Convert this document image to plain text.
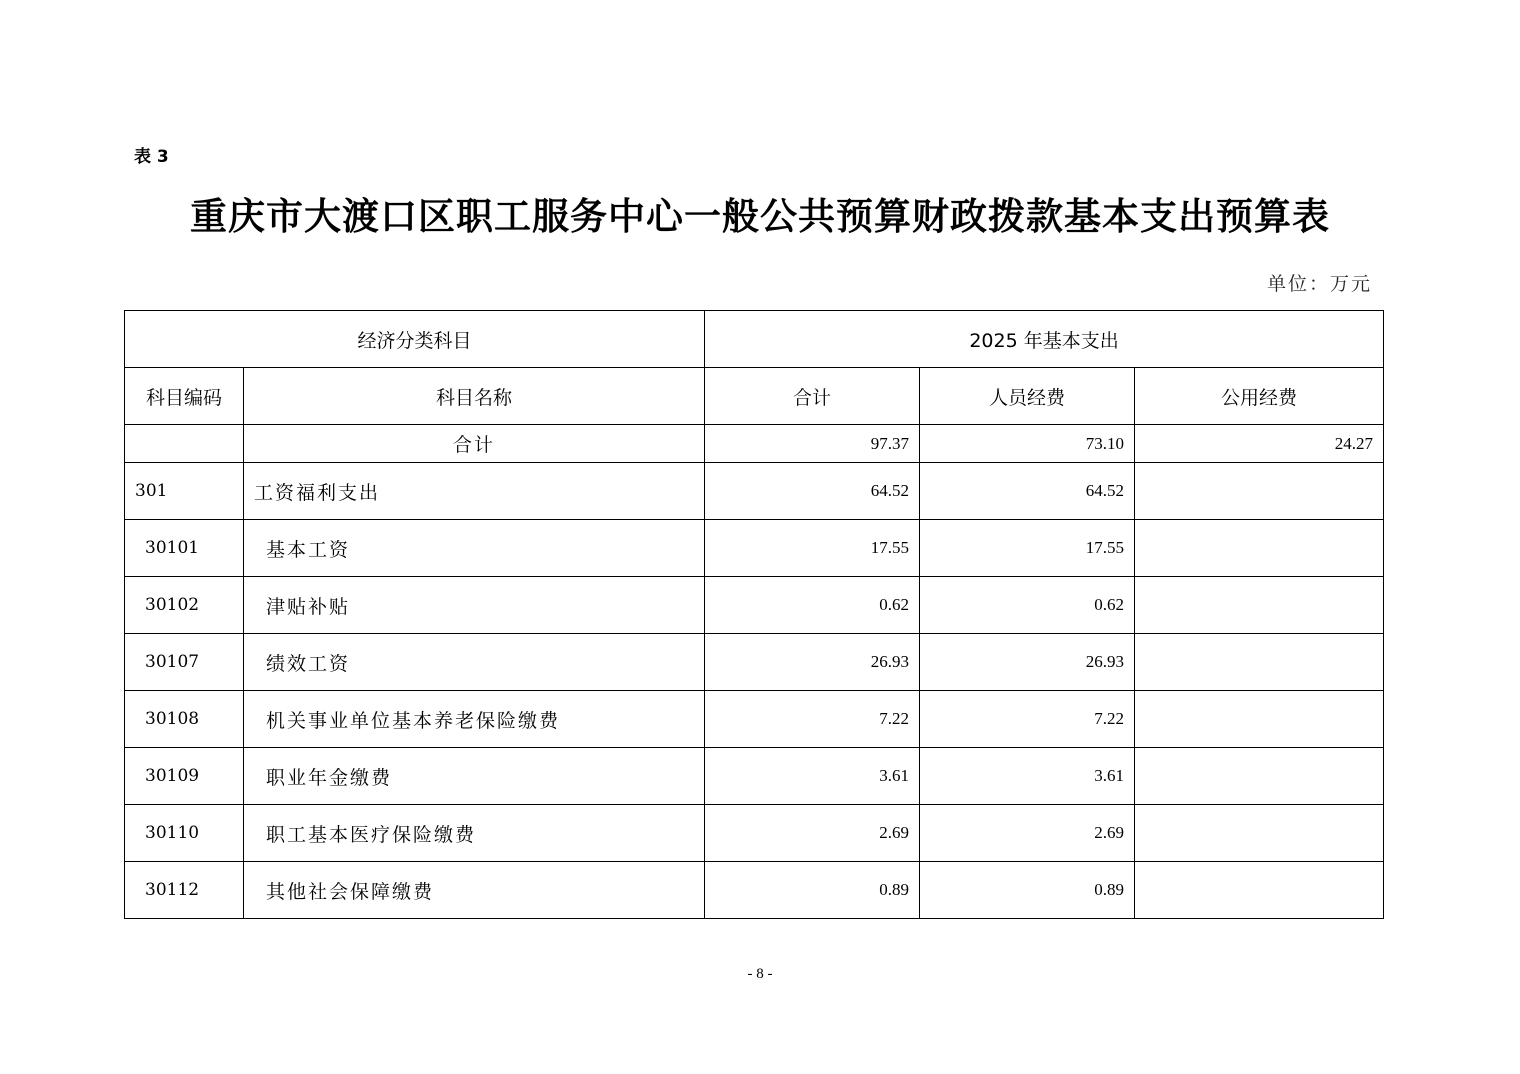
表 3
重庆市大渡口区职工服务中心一般公共预算财政拨款基本支出预算表
单位：万元
经济分类科目		2025 年基本支出		
科目编码	科目名称	合计	人员经费	公用经费
	合计	97.37	73.10	24.27
301	工资福利支出	64.52	64.52	
30101	基本工资	17.55	17.55	
30102	津贴补贴	0.62	0.62	
30107	绩效工资	26.93	26.93	
30108	机关事业单位基本养老保险缴费	7.22	7.22	
30109	职业年金缴费	3.61	3.61	
30110	职工基本医疗保险缴费	2.69	2.69	
30112	其他社会保障缴费	0.89	0.89	
- 8 -
